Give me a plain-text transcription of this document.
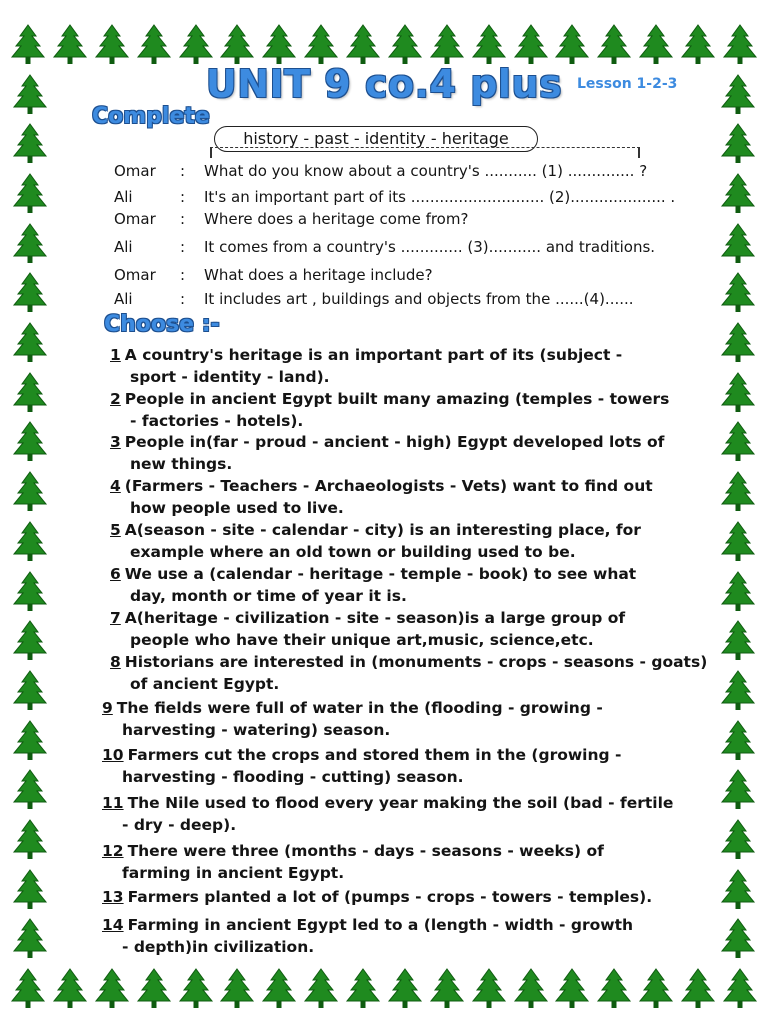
UNIT 9 co.4 plus	Lesson 1-2-3
Complete
history - past - identity - heritage
Omar	: What do you know about a country's ........... (1) .............. ?
Ali	: It's an important part of its ............................ (2).................... .
Omar	: Where does a heritage come from?
Ali	: It comes from a country's ............. (3)........... and traditions.
Omar	: What does a heritage include?
Ali	: It includes art , buildings and objects from the ......(4)......
Choose :-
1 A country's heritage is an important part of its (subject -
sport - identity - land).
2 People in ancient Egypt built many amazing (temples - towers
- factories - hotels).
3 People in(far - proud - ancient - high) Egypt developed lots of
new things.
4 (Farmers - Teachers - Archaeologists - Vets) want to find out
how people used to live.
5 A(season - site - calendar - city) is an interesting place, for
example where an old town or building used to be.
6 We use a (calendar - heritage - temple - book) to see what
day, month or time of year it is.
7 A(heritage - civilization - site - season)is a large group of
people who have their unique art,music, science,etc.
8 Historians are interested in (monuments - crops - seasons - goats)
of ancient Egypt.
9 The fields were full of water in the (flooding - growing -
harvesting - watering) season.
10 Farmers cut the crops and stored them in the (growing -
harvesting - flooding - cutting) season.
11 The Nile used to flood every year making the soil (bad - fertile
- dry - deep).
12 There were three (months - days - seasons - weeks) of
farming in ancient Egypt.
13 Farmers planted a lot of (pumps - crops - towers - temples).
14 Farming in ancient Egypt led to a (length - width - growth
- depth)in civilization.
